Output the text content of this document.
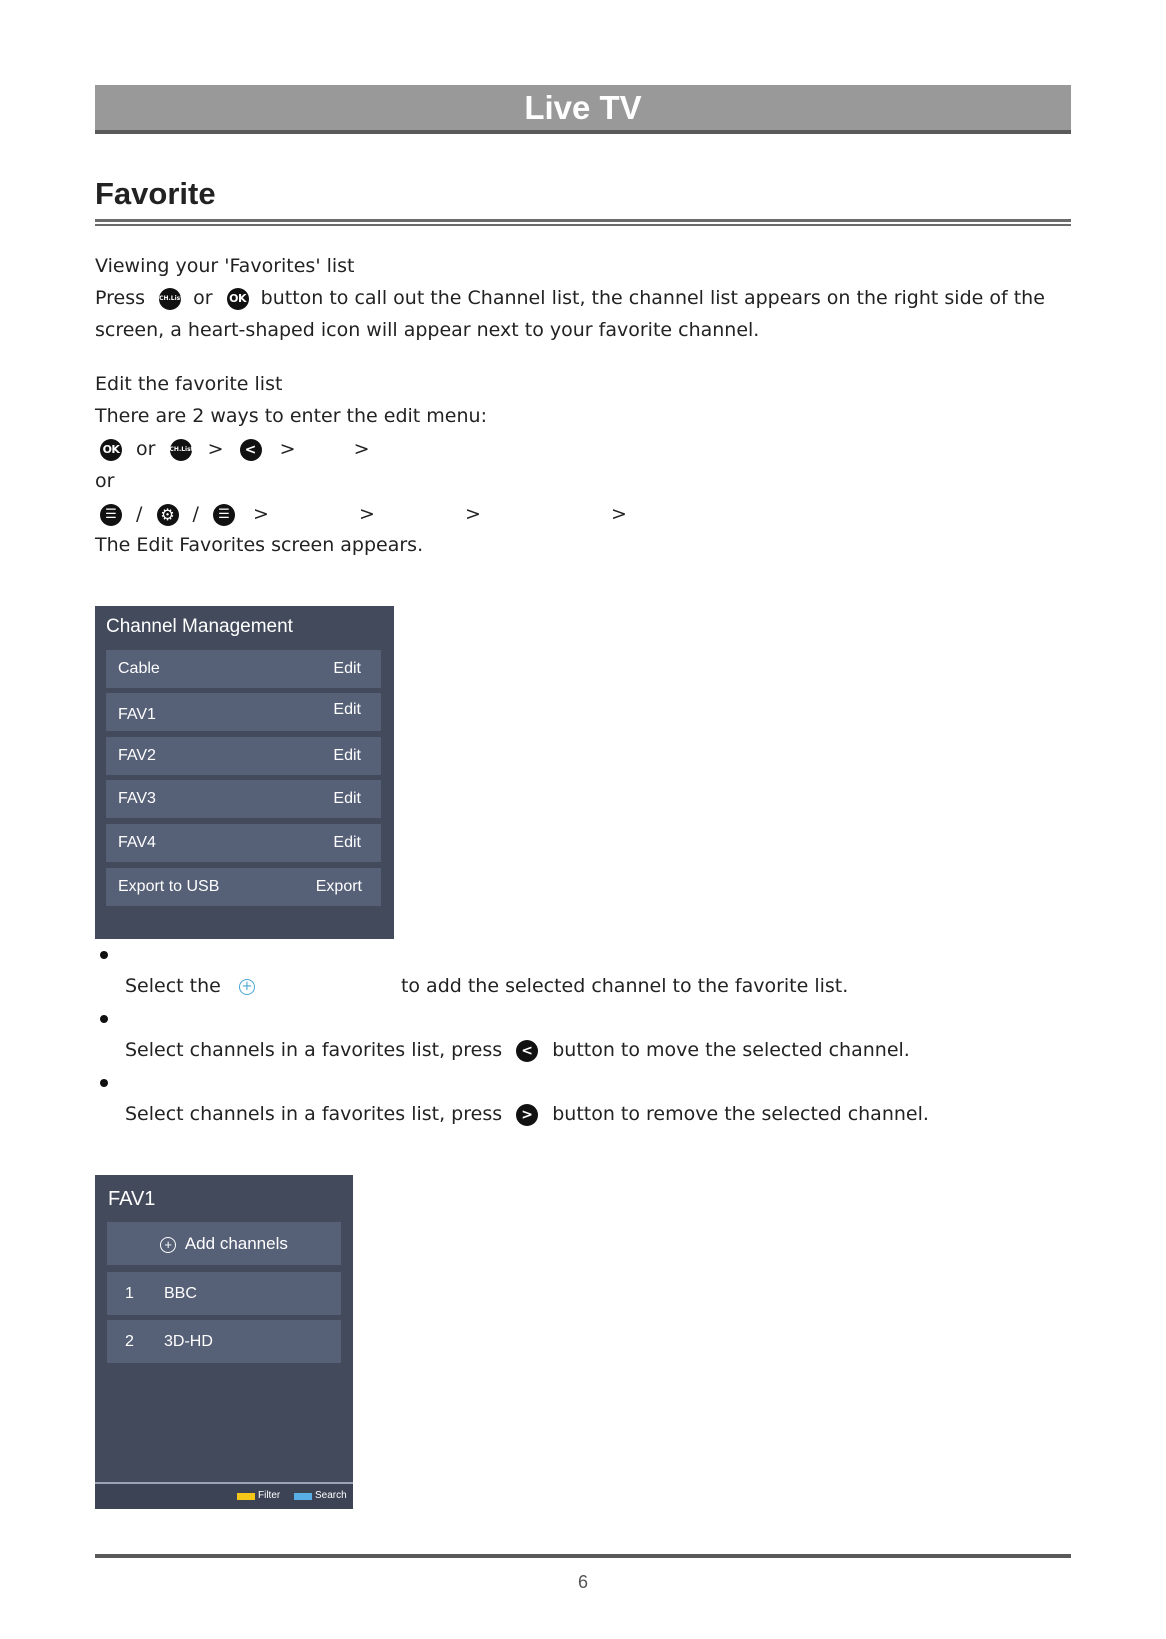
Live TV
Favorite
Viewing your 'Favorites' list
Press CH.List or OK button to call out the Channel list, the channel list appears on the right side of the
screen, a heart-shaped icon will appear next to your favorite channel.
Edit the favorite list
There are 2 ways to enter the edit menu:
OK or CH.List > < >	>
or
☰ / ⚙ / ☰ >	>	>	>
The Edit Favorites screen appears.
Channel Management
Cable	Edit
FAV1	Edit
FAV2	Edit
FAV3	Edit
FAV4	Edit
Export to USB	Export
Select the +	to add the selected channel to the favorite list.
Select channels in a favorites list, press < button to move the selected channel.
Select channels in a favorites list, press > button to remove the selected channel.
FAV1
+ Add channels
1 BBC
2 3D-HD
Filter	Search
6
